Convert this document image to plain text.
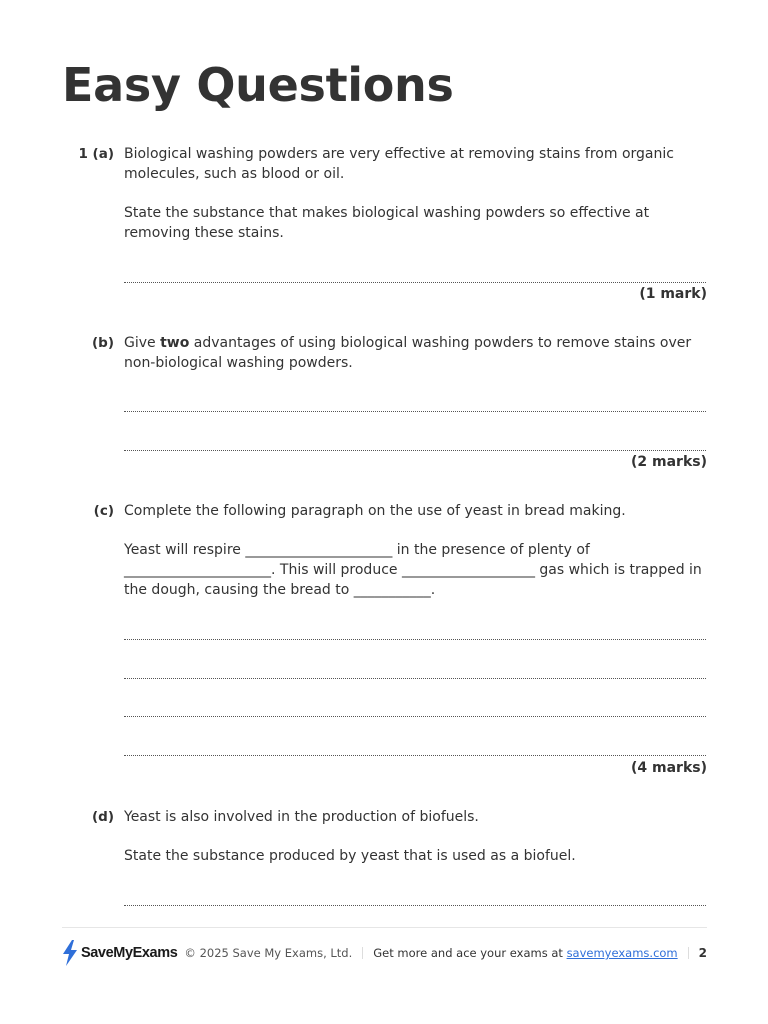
Easy Questions
1 (a) Biological washing powders are very effective at removing stains from organic molecules, such as blood or oil.

State the substance that makes biological washing powders so effective at removing these stains.

(1 mark)
(b) Give two advantages of using biological washing powders to remove stains over non-biological washing powders.

(2 marks)
(c) Complete the following paragraph on the use of yeast in bread making.

Yeast will respire _____________________ in the presence of plenty of _____________________. This will produce ___________________ gas which is trapped in the dough, causing the bread to ___________.

(4 marks)
(d) Yeast is also involved in the production of biofuels.

State the substance produced by yeast that is used as a biofuel.

SaveMyExams © 2025 Save My Exams, Ltd. Get more and ace your exams at savemyexams.com 2
